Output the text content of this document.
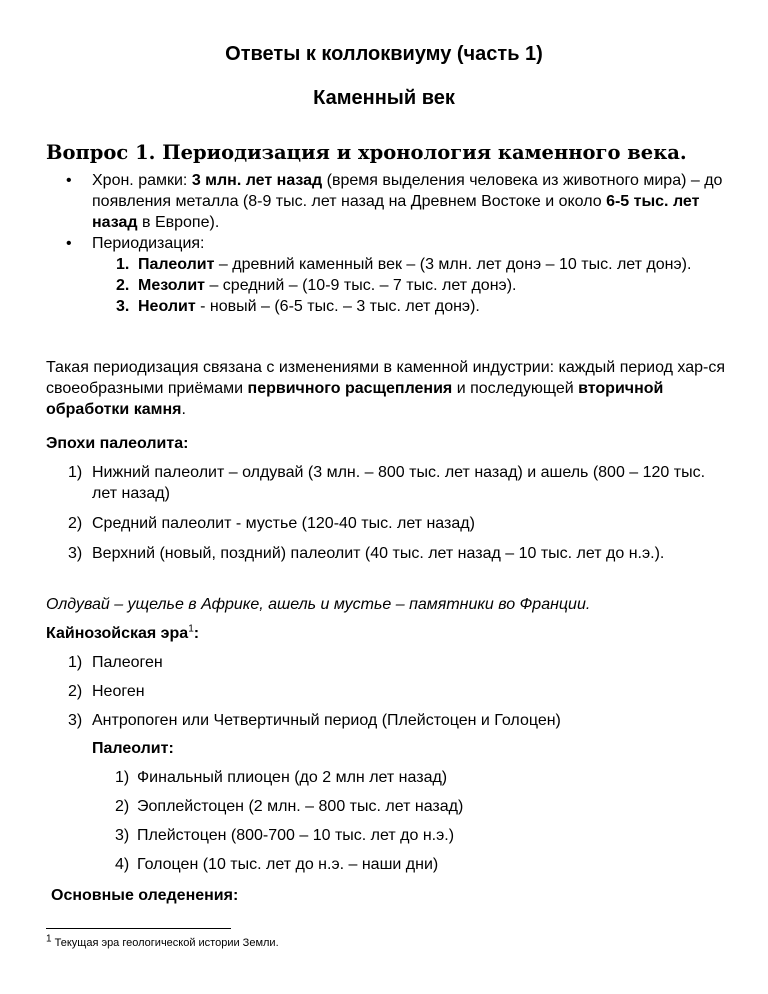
Ответы к коллоквиуму (часть 1)
Каменный век
Вопрос 1. Периодизация и хронология каменного века.
• Хрон. рамки: 3 млн. лет назад (время выделения человека из животного мира) – до появления металла (8-9 тыс. лет назад на Древнем Востоке и около 6-5 тыс. лет назад в Европе).
• Периодизация:
1. Палеолит – древний каменный век – (3 млн. лет донэ – 10 тыс. лет донэ).
2. Мезолит – средний – (10-9 тыс. – 7 тыс. лет донэ).
3. Неолит - новый – (6-5 тыс. – 3 тыс. лет донэ).
Такая периодизация связана с изменениями в каменной индустрии: каждый период хар-ся своеобразными приёмами первичного расщепления и последующей вторичной обработки камня.
Эпохи палеолита:
1) Нижний палеолит – олдувай (3 млн. – 800 тыс. лет назад) и ашель (800 – 120 тыс. лет назад)
2) Средний палеолит - мустье (120-40 тыс. лет назад)
3) Верхний (новый, поздний) палеолит (40 тыс. лет назад – 10 тыс. лет до н.э.).
Олдувай – ущелье в Африке, ашель и мустье – памятники во Франции.
Кайнозойская эра$^1$:
1) Палеоген
2) Неоген
3) Антропоген или Четвертичный период (Плейстоцен и Голоцен)
Палеолит:
1) Финальный плиоцен (до 2 млн лет назад)
2) Эоплейстоцен (2 млн. – 800 тыс. лет назад)
3) Плейстоцен (800-700 – 10 тыс. лет до н.э.)
4) Голоцен (10 тыс. лет до н.э. – наши дни)
Основные оледенения:
$^1$ Текущая эра геологической истории Земли.
